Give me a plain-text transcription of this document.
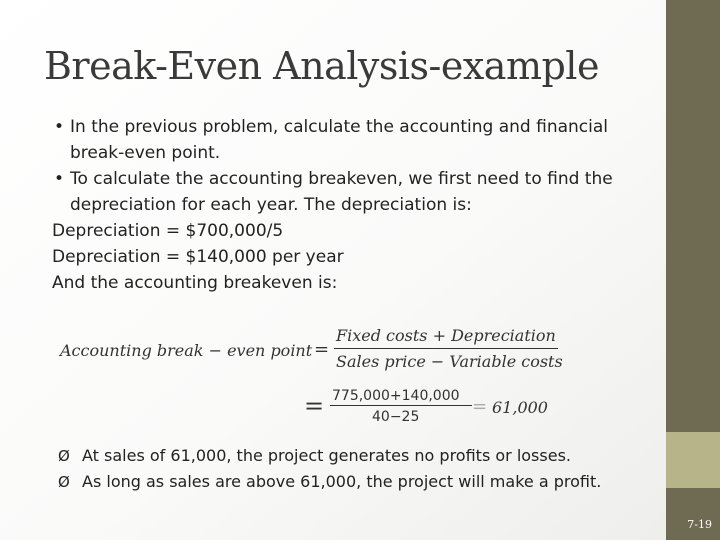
Break-Even Analysis-example
• In the previous problem, calculate the accounting and financial break-even point.
• To calculate the accounting breakeven, we first need to find the depreciation for each year. The depreciation is:
Depreciation = $700,000/5
Depreciation = $140,000 per year
And the accounting breakeven is:
Accounting break − even point =
Fixed costs + Depreciation
Sales price − Variable costs
= 775,000+140,000
40−25	= 61,000
Ø At sales of 61,000, the project generates no profits or losses.
Ø As long as sales are above 61,000, the project will make a profit.
7-19
